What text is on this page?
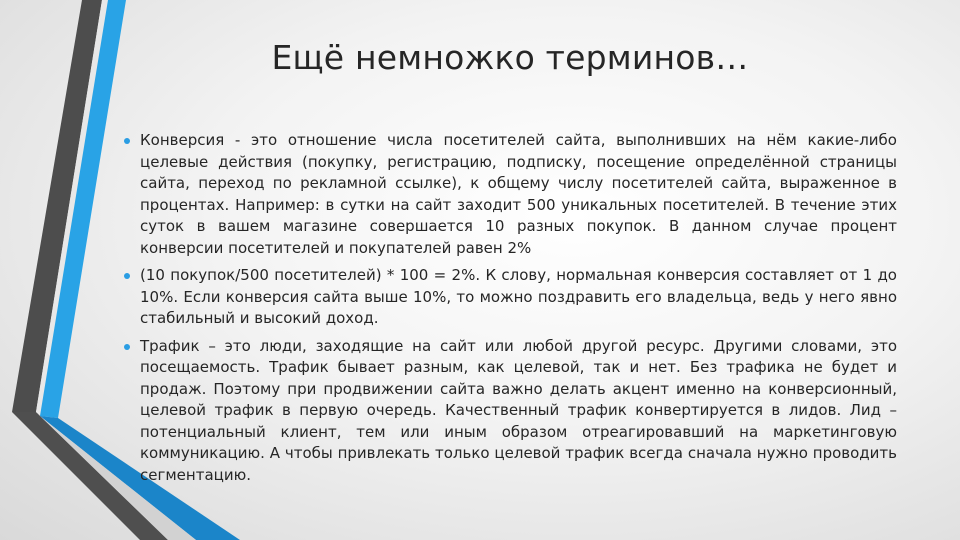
Ещё немножко терминов…
Конверсия - это отношение числа посетителей сайта, выполнивших на нём какие-либо целевые действия (покупку, регистрацию, подписку, посещение определённой страницы сайта, переход по рекламной ссылке), к общему числу посетителей сайта, выраженное в процентах. Например: в сутки на сайт заходит 500 уникальных посетителей. В течение этих суток в вашем магазине совершается 10 разных покупок. В данном случае процент конверсии посетителей и покупателей равен 2%
(10 покупок/500 посетителей) * 100 = 2%. К слову, нормальная конверсия составляет от 1 до 10%. Если конверсия сайта выше 10%, то можно поздравить его владельца, ведь у него явно стабильный и высокий доход.
Трафик – это люди, заходящие на сайт или любой другой ресурс. Другими словами, это посещаемость. Трафик бывает разным, как целевой, так и нет. Без трафика не будет и продаж. Поэтому при продвижении сайта важно делать акцент именно на конверсионный, целевой трафик в первую очередь. Качественный трафик конвертируется в лидов. Лид – потенциальный клиент, тем или иным образом отреагировавший на маркетинговую коммуникацию. А чтобы привлекать только целевой трафик всегда сначала нужно проводить сегментацию.
